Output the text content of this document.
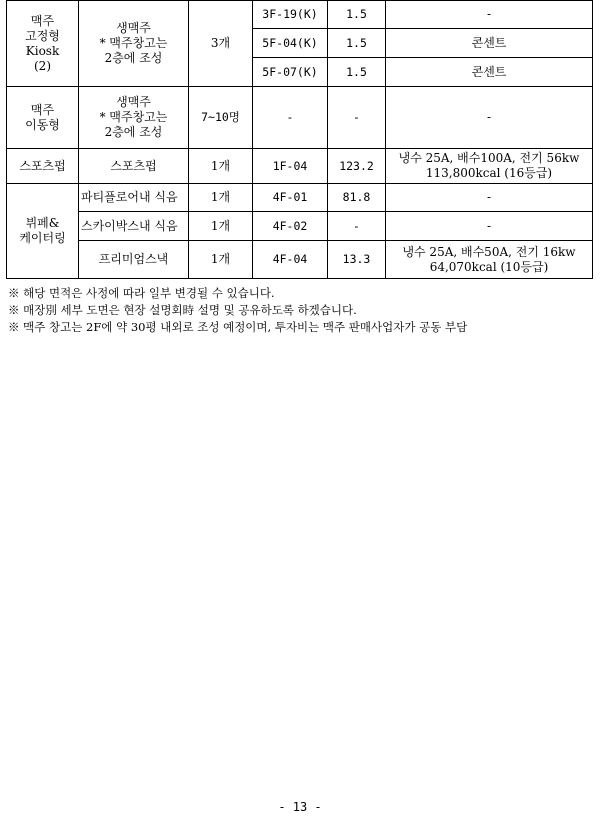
맥주
고정형
Kiosk
(2)	생맥주
* 맥주창고는
2층에 조성	3개	3F-19(K)	1.5	-
			5F-04(K)	1.5	콘센트
			5F-07(K)	1.5	콘센트
맥주
이동형	생맥주
* 맥주창고는
2층에 조성	7~10명	-	-	-
스포츠펍	스포츠펍	1개	1F-04	123.2	냉수 25A, 배수100A, 전기 56kw
113,800kcal (16등급)
뷔페&
케이터링	파티플로어내 식음	1개	4F-01	81.8	-
	스카이박스내 식음	1개	4F-02	-	-
	프리미엄스낵	1개	4F-04	13.3	냉수 25A, 배수50A, 전기 16kw
64,070kcal (10등급)
※ 해당 면적은 사정에 따라 일부 변경될 수 있습니다.
※ 매장別 세부 도면은 현장 설명회時 설명 및 공유하도록 하겠습니다.
※ 맥주 창고는 2F에 약 30평 내외로 조성 예정이며, 투자비는 맥주 판매사업자가 공동 부담
- 13 -
